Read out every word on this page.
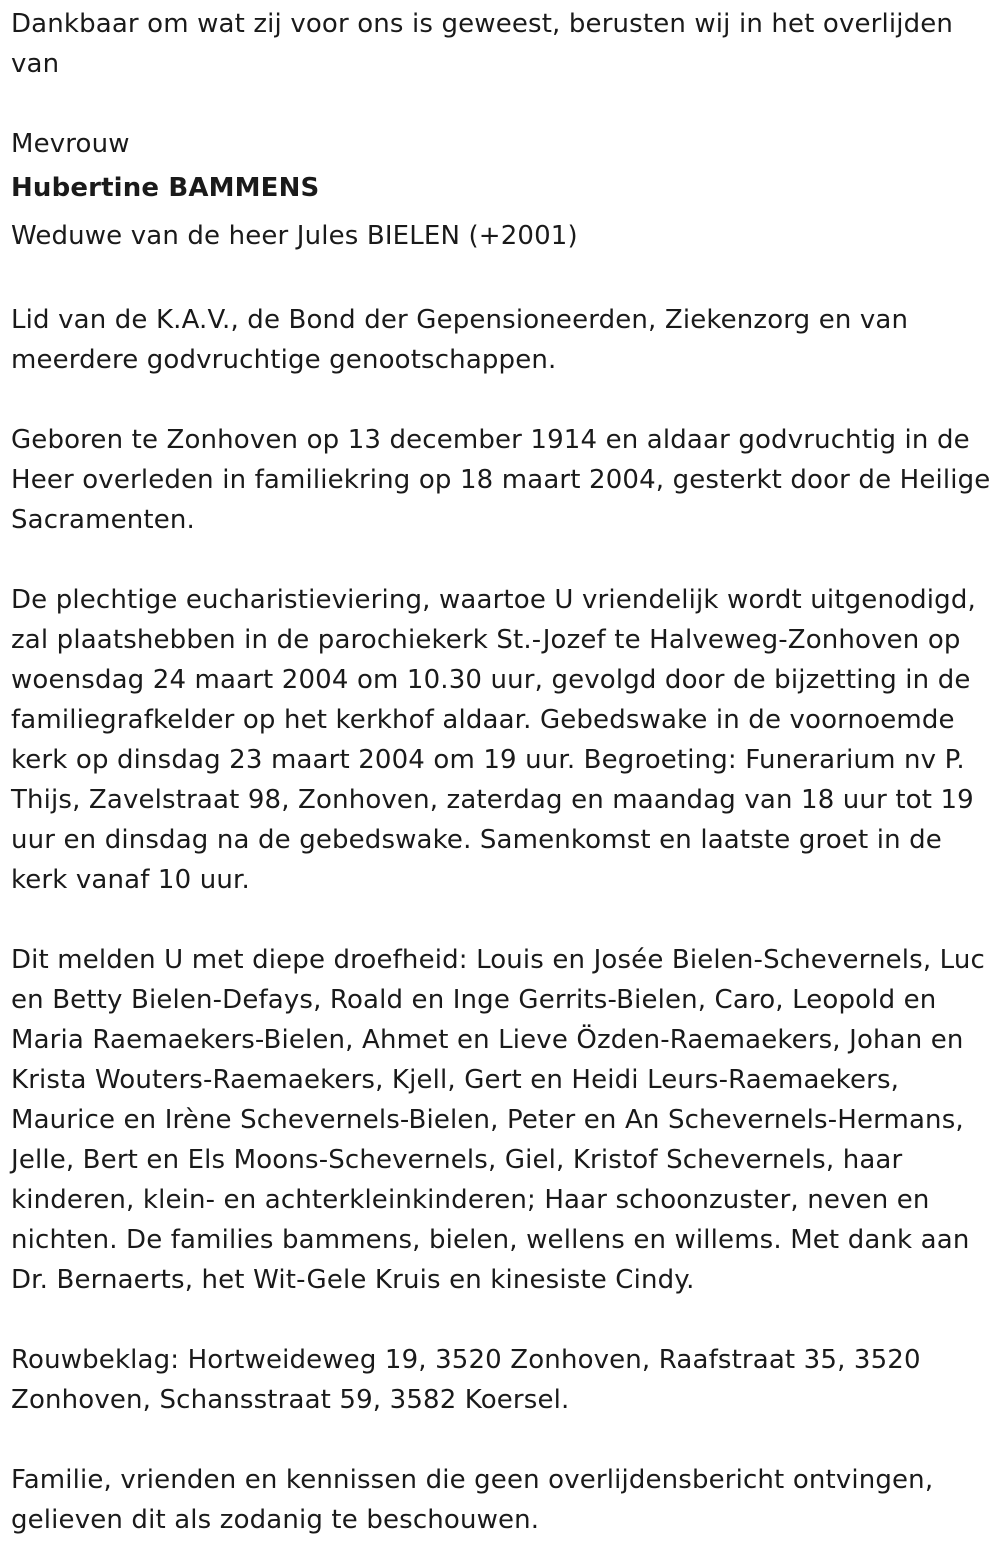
Dankbaar om wat zij voor ons is geweest, berusten wij in het overlijden van

Mevrouw

Hubertine BAMMENS

Weduwe van de heer Jules BIELEN (+2001)

Lid van de K.A.V., de Bond der Gepensioneerden, Ziekenzorg en van meerdere godvruchtige genootschappen.

Geboren te Zonhoven op 13 december 1914 en aldaar godvruchtig in de Heer overleden in familiekring op 18 maart 2004, gesterkt door de Heilige Sacramenten.

De plechtige eucharistieviering, waartoe U vriendelijk wordt uitgenodigd, zal plaatshebben in de parochiekerk St.-Jozef te Halveweg-Zonhoven op woensdag 24 maart 2004 om 10.30 uur, gevolgd door de bijzetting in de familiegrafkelder op het kerkhof aldaar. Gebedswake in de voornoemde kerk op dinsdag 23 maart 2004 om 19 uur. Begroeting: Funerarium nv P. Thijs, Zavelstraat 98, Zonhoven, zaterdag en maandag van 18 uur tot 19 uur en dinsdag na de gebedswake. Samenkomst en laatste groet in de kerk vanaf 10 uur.

Dit melden U met diepe droefheid: Louis en Josée Bielen-Schevernels, Luc en Betty Bielen-Defays, Roald en Inge Gerrits-Bielen, Caro, Leopold en Maria Raemaekers-Bielen, Ahmet en Lieve Özden-Raemaekers, Johan en Krista Wouters-Raemaekers, Kjell, Gert en Heidi Leurs-Raemaekers, Maurice en Irène Schevernels-Bielen, Peter en An Schevernels-Hermans, Jelle, Bert en Els Moons-Schevernels, Giel, Kristof Schevernels, haar kinderen, klein- en achterkleinkinderen; Haar schoonzuster, neven en nichten. De families bammens, bielen, wellens en willems. Met dank aan Dr. Bernaerts, het Wit-Gele Kruis en kinesiste Cindy.

Rouwbeklag: Hortweideweg 19, 3520 Zonhoven, Raafstraat 35, 3520 Zonhoven, Schansstraat 59, 3582 Koersel.

Familie, vrienden en kennissen die geen overlijdensbericht ontvingen, gelieven dit als zodanig te beschouwen.
